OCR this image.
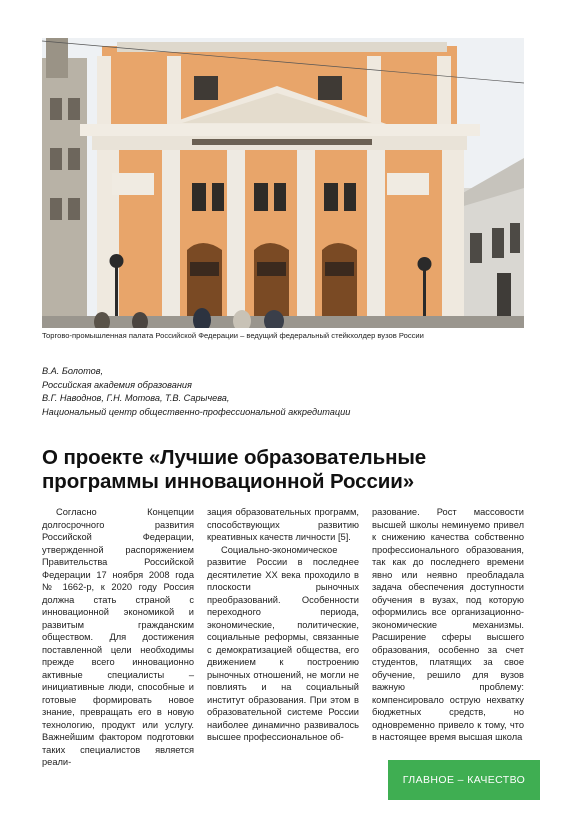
Торгово-промышленная палата Российской Федерации – ведущий федеральный стейкхолдер вузов России
В.А. Болотов,
Российская академия образования
В.Г. Наводнов, Г.Н. Мотова, Т.В. Сарычева,
Национальный центр общественно-профессиональной аккредитации
О проекте «Лучшие образовательные
программы инновационной России»

Согласно Концепции долгосрочного развития Российской Федерации, утвержденной распоряжением Правительства Российской Федерации 17 ноября 2008 года № 1662-р, к 2020 году Россия должна стать страной с инновационной экономикой и развитым гражданским обществом. Для достижения поставленной цели необходимы прежде всего инновационно активные специалисты – инициативные люди, способные и готовые формировать новое знание, превращать его в новую технологию, продукт или услугу. Важнейшим фактором подготовки таких специалистов является реали-

зация образовательных программ, способствующих развитию креативных качеств личности [5].

Социально-экономическое развитие России в последнее десятилетие XX века проходило в плоскости рыночных преобразований. Особенности переходного периода, экономические, политические, социальные реформы, связанные с демократизацией общества, его движением к построению рыночных отношений, не могли не повлиять и на социальный институт образования. При этом в образовательной системе России наиболее динамично развивалось высшее профессиональное об-

разование. Рост массовости высшей школы неминуемо привел к снижению качества собственно профессионального образования, так как до последнего времени явно или неявно преобладала задача обеспечения доступности обучения в вузах, под которую оформились все организационно-экономические механизмы. Расширение сферы высшего образования, особенно за счет студентов, платящих за свое обучение, решило для вузов важную проблему: компенсировало острую нехватку бюджетных средств, но одновременно привело к тому, что в настоящее время высшая школа

ГЛАВНОЕ – КАЧЕСТВО
